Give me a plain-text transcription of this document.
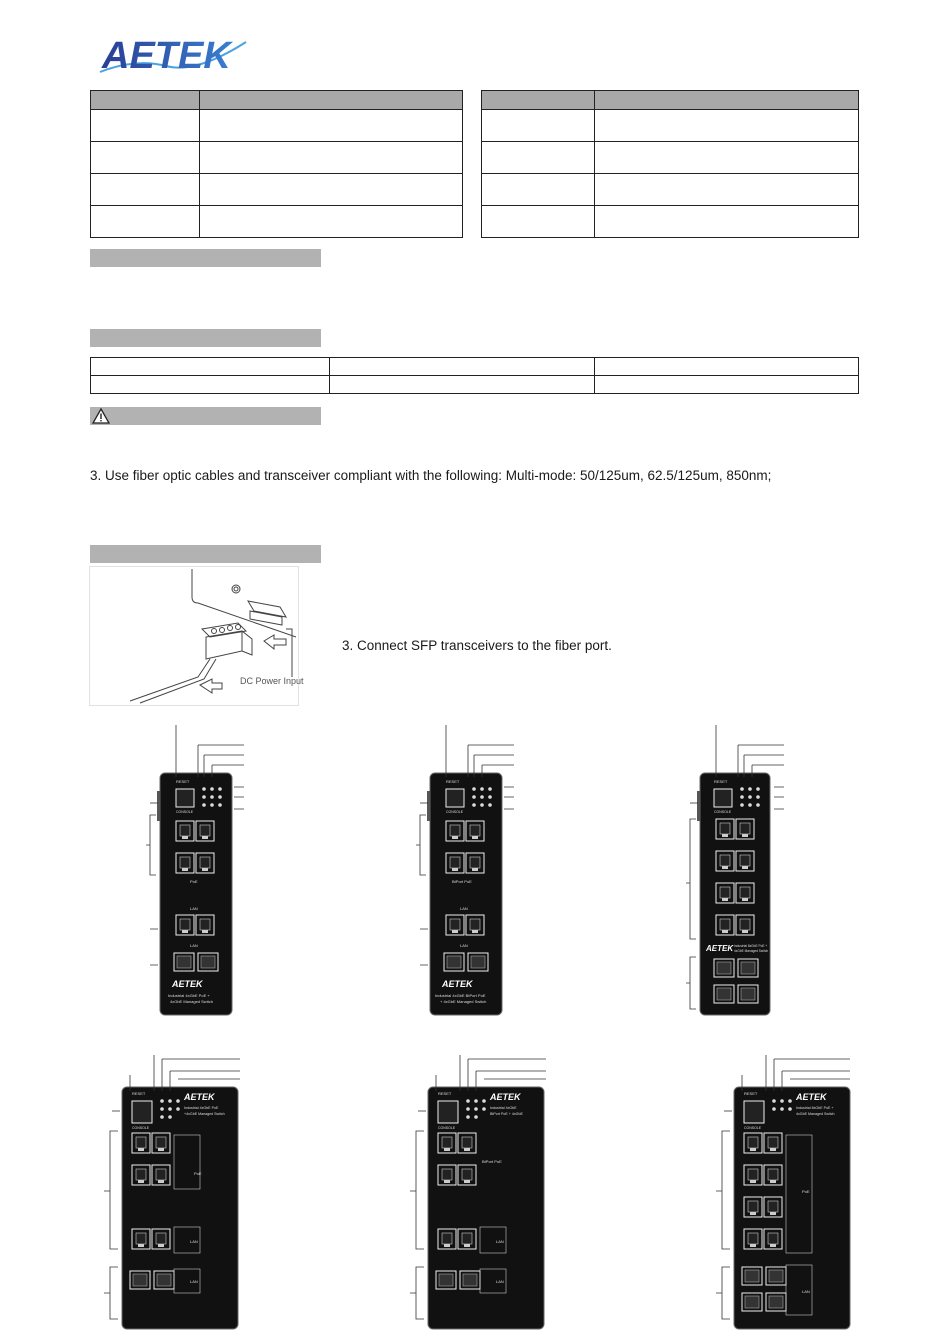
AETEK

3. Use fiber optic cables and transceiver compliant with the following: Multi-mode: 50/125um, 62.5/125um, 850nm;
DC Power Input
3. Connect SFP transceivers to the fiber port.
RESET
CONSOLE
PoE
LAN
LAN
AETEK
Industrial 4xGbE PoE +
4xGbE Managed Switch
RESET
CONSOLE
BtPort PoE
LAN
LAN
AETEK
Industrial 4xGbE BtPort PoE
+ 4xGbE Managed Switch
RESET
CONSOLE
AETEK Industrial 8xGbE PoE +
4xGbE Managed Switch
RESET
CONSOLE
AETEK
Industrial 4xGbE PoE
+4xGbE Managed Switch
PoE
LAN
LAN
RESET
CONSOLE
AETEK
Industrial 4xGbE
BtPort PoE + 4xGbE
BtPort PoE
LAN
LAN
RESET
CONSOLE
AETEK
Industrial 8xGbE PoE +
4xGbE Managed Switch
PoE
LAN
